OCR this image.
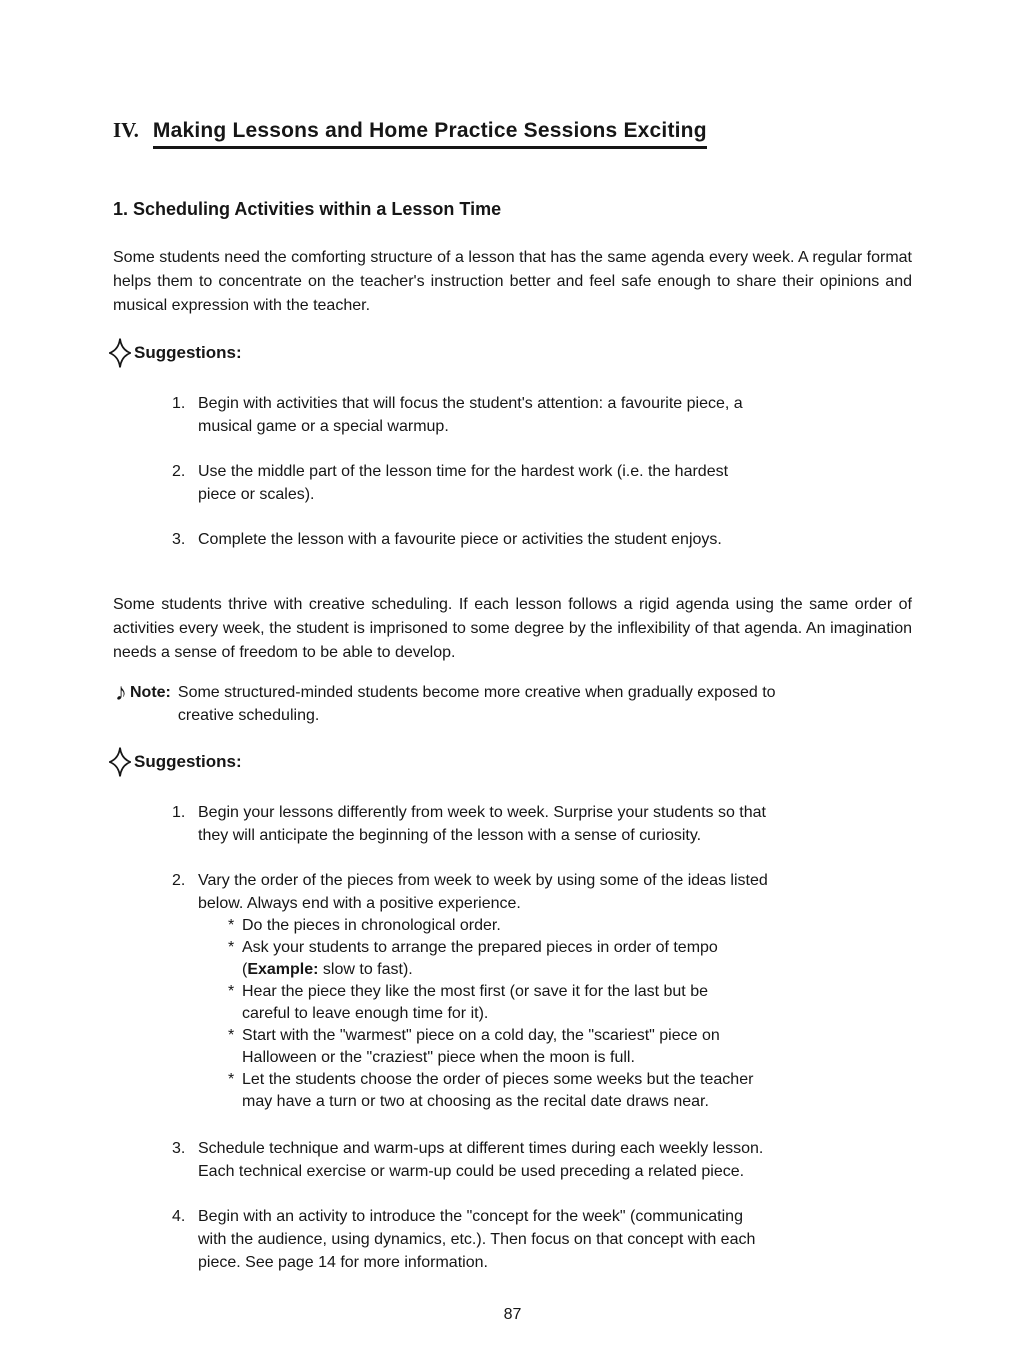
IV. Making Lessons and Home Practice Sessions Exciting
1. Scheduling Activities within a Lesson Time

Some students need the comforting structure of a lesson that has the same agenda every week. A regular format helps them to concentrate on the teacher's instruction better and feel safe enough to share their opinions and musical expression with the teacher.

Suggestions:
1. Begin with activities that will focus the student's attention: a favourite piece, a
musical game or a special warmup.
2. Use the middle part of the lesson time for the hardest work (i.e. the hardest
piece or scales).
3. Complete the lesson with a favourite piece or activities the student enjoys.

Some students thrive with creative scheduling. If each lesson follows a rigid agenda using the same order of activities every week, the student is imprisoned to some degree by the inflexibility of that agenda. An imagination needs a sense of freedom to be able to develop.

♪ Note: Some structured-minded students become more creative when gradually exposed to
creative scheduling.
Suggestions:
1. Begin your lessons differently from week to week. Surprise your students so that
they will anticipate the beginning of the lesson with a sense of curiosity.
2. Vary the order of the pieces from week to week by using some of the ideas listed
below. Always end with a positive experience.
* Do the pieces in chronological order.
* Ask your students to arrange the prepared pieces in order of tempo
(Example: slow to fast).
* Hear the piece they like the most first (or save it for the last but be
careful to leave enough time for it).
* Start with the "warmest" piece on a cold day, the "scariest" piece on
Halloween or the "craziest" piece when the moon is full.
* Let the students choose the order of pieces some weeks but the teacher
may have a turn or two at choosing as the recital date draws near.
3. Schedule technique and warm-ups at different times during each weekly lesson.
Each technical exercise or warm-up could be used preceding a related piece.
4. Begin with an activity to introduce the "concept for the week" (communicating
with the audience, using dynamics, etc.). Then focus on that concept with each
piece. See page 14 for more information.
87
